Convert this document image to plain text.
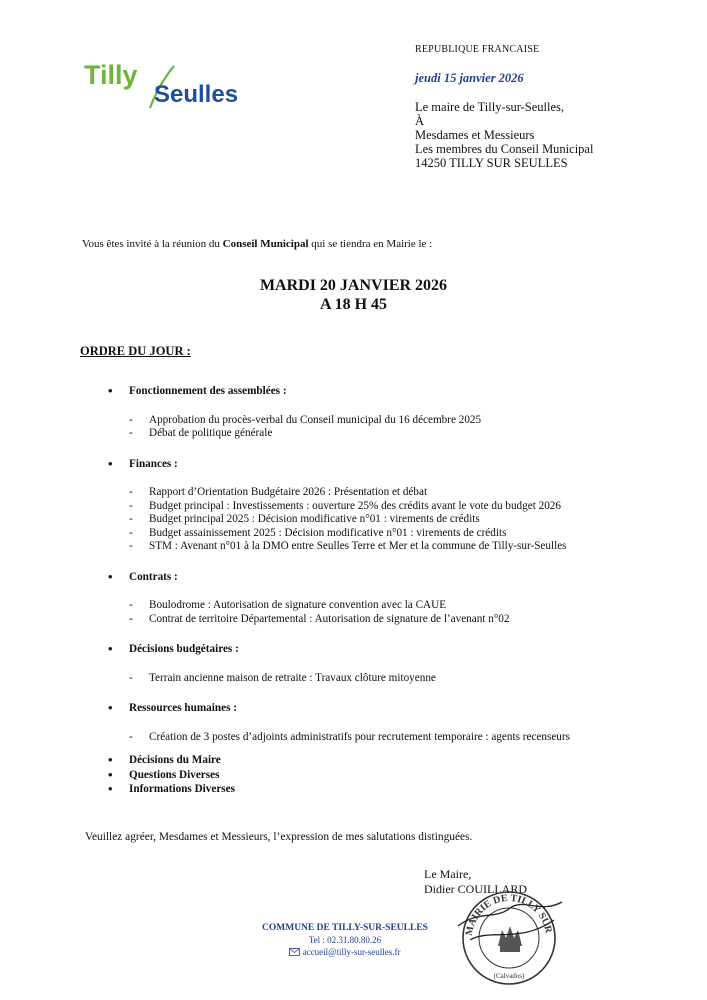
Tilly
Seulles
REPUBLIQUE FRANCAISE
jeudi 15 janvier 2026
Le maire de Tilly-sur-Seulles,
À
Mesdames et Messieurs
Les membres du Conseil Municipal
14250 TILLY SUR SEULLES
Vous êtes invité à la réunion du Conseil Municipal qui se tiendra en Mairie le :
MARDI 20 JANVIER 2026
A 18 H 45
ORDRE DU JOUR :
• Fonctionnement des assemblées :
- Approbation du procès-verbal du Conseil municipal du 16 décembre 2025
- Débat de politique générale
• Finances :
- Rapport d’Orientation Budgétaire 2026 : Présentation et débat
- Budget principal : Investissements : ouverture 25% des crédits avant le vote du budget 2026
- Budget principal 2025 : Décision modificative n°01 : virements de crédits
- Budget assainissement 2025 : Décision modificative n°01 : virements de crédits
- STM : Avenant n°01 à la DMO entre Seulles Terre et Mer et la commune de Tilly-sur-Seulles
• Contrats :
- Boulodrome : Autorisation de signature convention avec la CAUE
- Contrat de territoire Départemental : Autorisation de signature de l’avenant n°02
• Décisions budgétaires :
- Terrain ancienne maison de retraite : Travaux clôture mitoyenne
• Ressources humaines :
- Création de 3 postes d’adjoints administratifs pour recrutement temporaire : agents recenseurs
• Décisions du Maire
• Questions Diverses
• Informations Diverses
Veuillez agréer, Mesdames et Messieurs, l’expression de mes salutations distinguées.
Le Maire,
Didier COUILLARD
COMMUNE DE TILLY-SUR-SEULLES
Tel : 02.31.80.80.26
accueil@tilly-sur-seulles.fr
MAIRIE DE TILLY SUR
(Calvados)
